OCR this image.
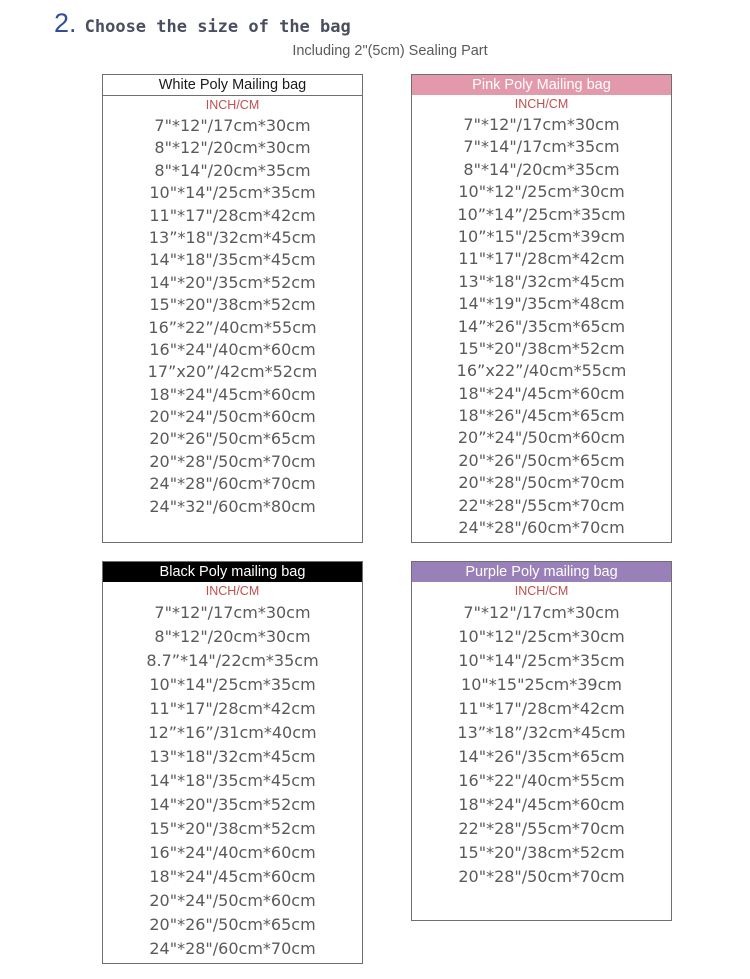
2. Choose the size of the bag
Including 2"(5cm) Sealing Part
White Poly Mailing bag
INCH/CM
7"*12"/17cm*30cm
8"*12"/20cm*30cm
8"*14"/20cm*35cm
10"*14"/25cm*35cm
11"*17"/28cm*42cm
13”*18"/32cm*45cm
14"*18"/35cm*45cm
14"*20"/35cm*52cm
15"*20"/38cm*52cm
16”*22”/40cm*55cm
16"*24"/40cm*60cm
17”x20”/42cm*52cm
18"*24"/45cm*60cm
20"*24"/50cm*60cm
20"*26"/50cm*65cm
20"*28"/50cm*70cm
24"*28"/60cm*70cm
24"*32"/60cm*80cm
Pink Poly Mailing bag
INCH/CM
7"*12"/17cm*30cm
7"*14"/17cm*35cm
8"*14"/20cm*35cm
10"*12"/25cm*30cm
10”*14”/25cm*35cm
10”*15"/25cm*39cm
11"*17"/28cm*42cm
13"*18"/32cm*45cm
14"*19"/35cm*48cm
14”*26"/35cm*65cm
15"*20"/38cm*52cm
16”x22”/40cm*55cm
18"*24"/45cm*60cm
18"*26"/45cm*65cm
20”*24"/50cm*60cm
20"*26"/50cm*65cm
20"*28"/50cm*70cm
22"*28"/55cm*70cm
24"*28"/60cm*70cm
Black Poly mailing bag
INCH/CM
7"*12"/17cm*30cm
8"*12"/20cm*30cm
8.7”*14"/22cm*35cm
10"*14"/25cm*35cm
11"*17"/28cm*42cm
12”*16”/31cm*40cm
13"*18"/32cm*45cm
14"*18"/35cm*45cm
14"*20"/35cm*52cm
15"*20"/38cm*52cm
16"*24"/40cm*60cm
18"*24"/45cm*60cm
20"*24"/50cm*60cm
20"*26"/50cm*65cm
24"*28"/60cm*70cm
Purple Poly mailing bag
INCH/CM
7"*12"/17cm*30cm
10"*12"/25cm*30cm
10"*14"/25cm*35cm
10"*15"25cm*39cm
11"*17"/28cm*42cm
13”*18”/32cm*45cm
14"*26"/35cm*65cm
16"*22"/40cm*55cm
18"*24"/45cm*60cm
22"*28"/55cm*70cm
15"*20"/38cm*52cm
20"*28"/50cm*70cm
